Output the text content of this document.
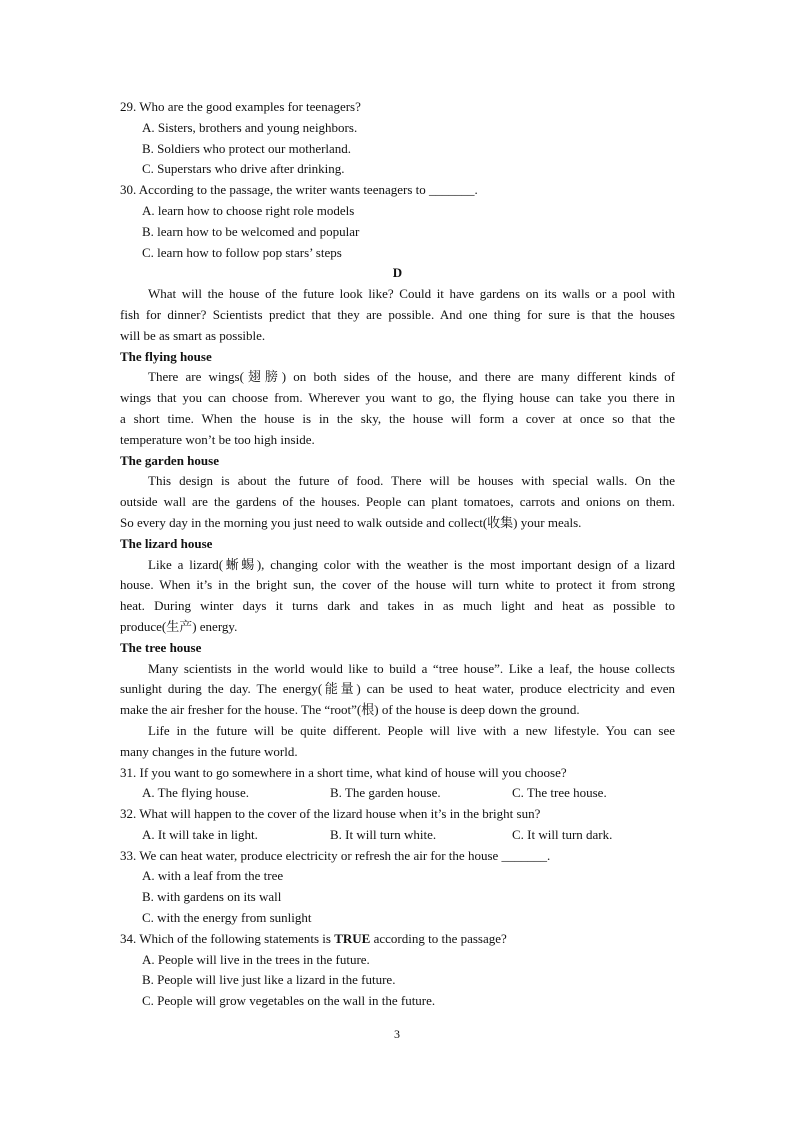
29. Who are the good examples for teenagers?
A. Sisters, brothers and young neighbors.
B. Soldiers who protect our motherland.
C. Superstars who drive after drinking.
30. According to the passage, the writer wants teenagers to _______.
A. learn how to choose right role models
B. learn how to be welcomed and popular
C. learn how to follow pop stars’ steps
D
What will the house of the future look like? Could it have gardens on its walls or a pool with
fish for dinner? Scientists predict that they are possible. And one thing for sure is that the houses
will be as smart as possible.
The flying house
There are wings(翅膀) on both sides of the house, and there are many different kinds of
wings that you can choose from. Wherever you want to go, the flying house can take you there in
a short time. When the house is in the sky, the house will form a cover at once so that the
temperature won’t be too high inside.
The garden house
This design is about the future of food. There will be houses with special walls. On the
outside wall are the gardens of the houses. People can plant tomatoes, carrots and onions on them.
So every day in the morning you just need to walk outside and collect(收集) your meals.
The lizard house
Like a lizard(蜥蜴), changing color with the weather is the most important design of a lizard
house. When it’s in the bright sun, the cover of the house will turn white to protect it from strong
heat. During winter days it turns dark and takes in as much light and heat as possible to
produce(生产) energy.
The tree house
Many scientists in the world would like to build a “tree house”. Like a leaf, the house collects
sunlight during the day. The energy(能量) can be used to heat water, produce electricity and even
make the air fresher for the house. The “root”(根) of the house is deep down the ground.
Life in the future will be quite different. People will live with a new lifestyle. You can see
many changes in the future world.
31. If you want to go somewhere in a short time, what kind of house will you choose?
A. The flying house.	B. The garden house.	C. The tree house.
32. What will happen to the cover of the lizard house when it’s in the bright sun?
A. It will take in light.	B. It will turn white.	C. It will turn dark.
33. We can heat water, produce electricity or refresh the air for the house _______.
A. with a leaf from the tree
B. with gardens on its wall
C. with the energy from sunlight
34. Which of the following statements is TRUE according to the passage?
A. People will live in the trees in the future.
B. People will live just like a lizard in the future.
C. People will grow vegetables on the wall in the future.
3
